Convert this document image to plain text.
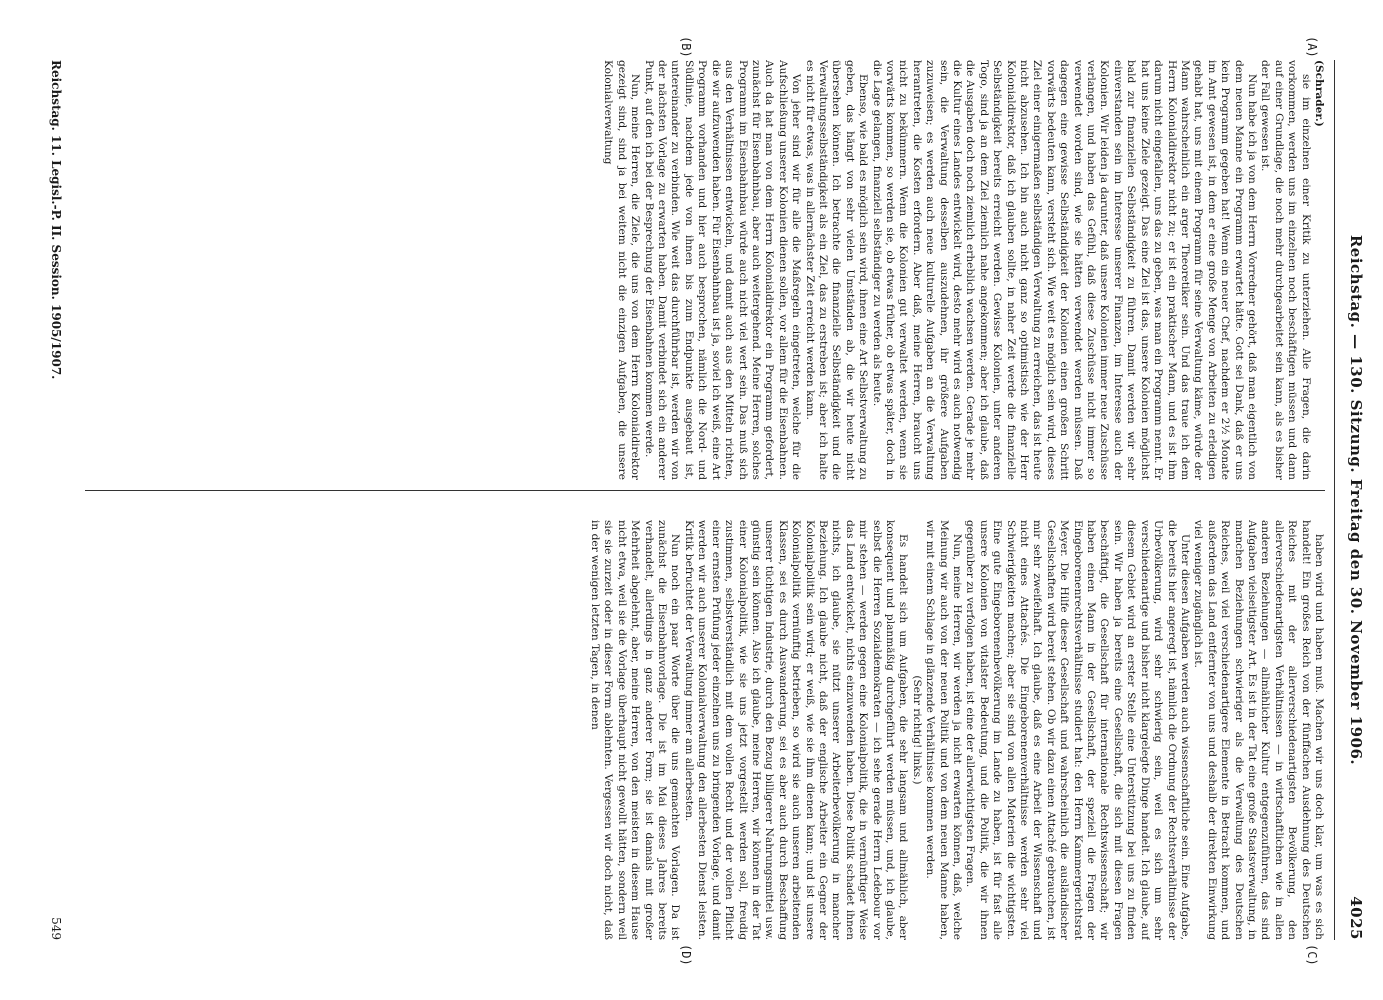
Reichstag. — 130. Sitzung. Freitag den 30. November 1906.
4025
(A)
(B)
(C)
(D)

(Schrader.)

sie im einzelnen einer Kritik zu unterziehen. Alle Fragen, die darin vorkommen, werden uns im einzelnen noch beschäftigen müssen und dann auf einer Grundlage, die noch mehr durchgearbeitet sein kann, als es bisher der Fall gewesen ist.

Nun habe ich ja von dem Herrn Vorredner gehört, daß man eigentlich von dem neuen Manne ein Programm erwartet hätte. Gott sei Dank, daß er uns kein Programm gegeben hat! Wenn ein neuer Chef, nachdem er 2½ Monate im Amt gewesen ist, in dem er eine große Menge von Arbeiten zu erledigen gehabt hat, uns mit einem Programm für seine Verwaltung käme, würde der Mann wahrscheinlich ein arger Theoretiker sein. Und das traue ich dem Herrn Kolonialdirektor nicht zu; er ist ein praktischer Mann, und es ist ihm darum nicht eingefallen, uns das zu geben, was man ein Programm nennt. Er hat uns keine Ziele gezeigt. Das eine Ziel ist das, unsere Kolonien möglichst bald zur finanziellen Selbständigkeit zu führen. Damit werden wir sehr einverstanden sein im Interesse unserer Finanzen, im Interesse auch der Kolonien. Wir leiden ja darunter, daß unsere Kolonien immer neue Zuschüsse verlangen, und haben das Gefühl, daß diese Zuschüsse nicht immer so verwendet worden sind, wie sie hätten verwendet werden müssen. Daß dagegen eine gewisse Selbständigkeit der Kolonien einen großen Schritt vorwärts bedeuten kann, versteht sich. Wie weit es möglich sein wird, dieses Ziel einer einigermaßen selbständigen Verwaltung zu erreichen, das ist heute nicht abzusehen. Ich bin auch nicht ganz so optimistisch wie der Herr Kolonialdirektor, daß ich glauben sollte, in naher Zeit werde die finanzielle Selbständigkeit bereits erreicht werden. Gewisse Kolonien, unter anderen Togo, sind ja an dem Ziel ziemlich nahe angekommen; aber ich glaube, daß die Ausgaben doch noch ziemlich erheblich wachsen werden. Gerade je mehr die Kultur eines Landes entwickelt wird, desto mehr wird es auch notwendig sein, die Verwaltung desselben auszudehnen, ihr größere Aufgaben zuzuweisen; es werden auch neue kulturelle Aufgaben an die Verwaltung herantreten, die Kosten erfordern. Aber daß, meine Herren, braucht uns nicht zu bekümmern. Wenn die Kolonien gut verwaltet werden, wenn sie vorwärts kommen, so werden sie, ob etwas früher, ob etwas später, doch in die Lage gelangen, finanziell selbständiger zu werden als heute.

Ebenso, wie bald es möglich sein wird, ihnen eine Art Selbstverwaltung zu geben, das hängt von sehr vielen Umständen ab, die wir heute nicht übersehen können. Ich betrachte die finanzielle Selbständigkeit und die Verwaltungsselbständigkeit als ein Ziel, das zu erstreben ist; aber ich halte es nicht für etwas, was in allernächster Zeit erreicht werden kann.

Von jeher sind wir für alle die Maßregeln eingetreten, welche für die Aufschließung unserer Kolonien dienen sollen, vor allem für die Eisenbahnen. Auch da hat man von dem Herrn Kolonialdirektor ein Programm gefordert, zunächst für Eisenbahnbau, aber auch weitergehend. Meine Herren, solches Programm im Eisenbahnbau würde auch nicht viel wert sein. Das muß sich aus den Verhältnissen entwickeln, und damit auch aus den Mitteln richten, die wir aufzuwenden haben. Für Eisenbahnbau ist ja, soviel ich weiß, eine Art Programm vorhanden und hier auch besprochen, nämlich die Nord- und Südlinie, nachdem jede von ihnen bis zum Endpunkte ausgebaut ist, untereinander zu verbinden. Wie weit das durchführbar ist, werden wir von der nächsten Vorlage zu erwarten haben. Damit verbindet sich ein anderer Punkt, auf den ich bei der Besprechung der Eisenbahnen kommen werde.

Nun, meine Herren, die Ziele, die uns von dem Herrn Kolonialdirektor gezeigt sind, sind ja bei weitem nicht die einzigen Aufgaben, die unsere Kolonialverwaltung

haben wird und haben muß. Machen wir uns doch klar, um was es sich handelt! Ein großes Reich von der fünffachen Ausdehnung des Deutschen Reiches mit der allerverschiedenartigsten Bevölkerung, den allerverschiedenartigsten Verhältnissen — in wirtschaftlichen wie in allen anderen Beziehungen — allmählicher Kultur entgegenzuführen, das sind Aufgaben vielseitigster Art. Es ist in der Tat eine große Staatsverwaltung, in manchen Beziehungen schwieriger als die Verwaltung des Deutschen Reiches, weil viel verschiedenartigere Elemente in Betracht kommen, und außerdem das Land entfernter von uns und deshalb der direkten Einwirkung viel weniger zugänglich ist.

Unter diesen Aufgaben werden auch wissenschaftliche sein. Eine Aufgabe, die bereits hier angeregt ist, nämlich die Ordnung der Rechtsverhältnisse der Urbevölkerung, wird sehr schwierig sein, weil es sich um sehr verschiedenartige und bisher nicht klargelegte Dinge handelt. Ich glaube, auf diesem Gebiet wird an erster Stelle eine Unterstützung bei uns zu finden sein. Wir haben ja bereits eine Gesellschaft, die sich mit diesen Fragen beschäftigt, die Gesellschaft für internationale Rechtswissenschaft; wir haben einen Mann in der Gesellschaft, der speziell die Fragen der Eingeborenenrechtsverhältnisse studiert hat: den Herrn Kammergerichtsrat Meyer. Die Hilfe dieser Gesellschaft und wahrscheinlich die ausländischer Gesellschaften wird bereit stehen. Ob wir dazu einen Attaché gebrauchen, ist mir sehr zweifelhaft. Ich glaube, daß es eine Arbeit der Wissenschaft und nicht eines Attachés. Die Eingeborenenverhältnisse werden sehr viel Schwierigkeiten machen; aber sie sind von allen Materien die wichtigsten. Eine gute Eingeborenenbevölkerung im Lande zu haben, ist für fast alle unsere Kolonien von vitalster Bedeutung, und die Politik, die wir ihnen gegenüber zu verfolgen haben, ist eine der allerwichtigsten Fragen.

Nun, meine Herren, wir werden ja nicht erwarten können, daß, welche Meinung wir auch von der neuen Politik und von dem neuen Manne haben, wir mit einem Schlage in glänzende Verhältnisse kommen werden.

(Sehr richtig! links.)

Es handelt sich um Aufgaben, die sehr langsam und allmählich, aber konsequent und planmäßig durchgeführt werden müssen, und, ich glaube, selbst die Herren Sozialdemokraten — ich sehe gerade Herrn Ledebour vor mir stehen — werden gegen eine Kolonialpolitik, die in vernünftiger Weise das Land entwickelt, nichts einzuwenden haben. Diese Politik schadet ihnen nichts, ich glaube, sie nützt unserer Arbeiterbevölkerung in mancher Beziehung. Ich glaube nicht, daß der englische Arbeiter ein Gegner der Kolonialpolitik sein wird; er weiß, wie sie ihm dienen kann; und ist unsere Kolonialpolitik vernünftig betrieben, so wird sie auch unseren arbeitenden Klassen, sei es durch Auswanderung, sei es aber auch durch Beschaffung unserer tüchtigen Industrie, durch den Bezug billigerer Nahrungsmittel usw. günstig sein können. Also ich glaube, meine Herren, wir können in der Tat einer Kolonialpolitik, wie sie uns jetzt vorgestellt werden soll, freudig zustimmen, selbstverständlich mit dem vollen Recht und der vollen Pflicht einer ernsten Prüfung jeder einzelnen uns zu bringenden Vorlage, und damit werden wir auch unserer Kolonialverwaltung den allerbesten Dienst leisten. Kritik befruchtet der Verwaltung immer am allerbesten.

Nun noch ein paar Worte über die uns gemachten Vorlagen. Da ist zunächst die Eisenbahnvorlage. Die ist im Mai dieses Jahres bereits verhandelt, allerdings in ganz anderer Form; sie ist damals mit großer Mehrheit abgelehnt, aber, meine Herren, von den meisten in diesem Hause nicht etwa, weil sie die Vorlage überhaupt nicht gewollt hätten, sondern weil sie sie zurzeit oder in dieser Form ablehnten. Vergessen wir doch nicht, daß in der wenigen letzten Tagen, in denen

Reichstag. 11. Legisl.-P. II. Session. 1905/1907.
549
